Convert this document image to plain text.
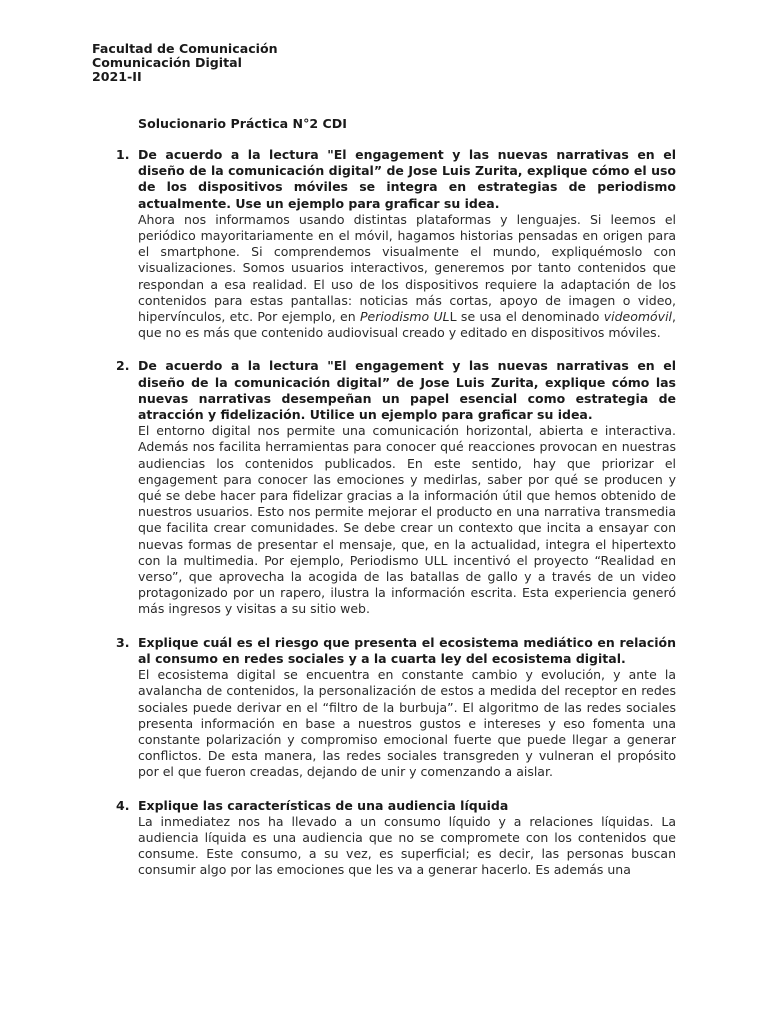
Facultad de Comunicación
Comunicación Digital
2021-II
Solucionario Práctica N°2 CDI
1. De acuerdo a la lectura "El engagement y las nuevas narrativas en el diseño de la comunicación digital” de Jose Luis Zurita, explique cómo el uso de los dispositivos móviles se integra en estrategias de periodismo actualmente. Use un ejemplo para graficar su idea.

Ahora nos informamos usando distintas plataformas y lenguajes. Si leemos el periódico mayoritariamente en el móvil, hagamos historias pensadas en origen para el smartphone. Si comprendemos visualmente el mundo, expliquémoslo con visualizaciones. Somos usuarios interactivos, generemos por tanto contenidos que respondan a esa realidad. El uso de los dispositivos requiere la adaptación de los contenidos para estas pantallas: noticias más cortas, apoyo de imagen o video, hipervínculos, etc. Por ejemplo, en Periodismo ULL se usa el denominado videomóvil, que no es más que contenido audiovisual creado y editado en dispositivos móviles.

2. De acuerdo a la lectura "El engagement y las nuevas narrativas en el diseño de la comunicación digital” de Jose Luis Zurita, explique cómo las nuevas narrativas desempeñan un papel esencial como estrategia de atracción y fidelización. Utilice un ejemplo para graficar su idea.

El entorno digital nos permite una comunicación horizontal, abierta e interactiva. Además nos facilita herramientas para conocer qué reacciones provocan en nuestras audiencias los contenidos publicados. En este sentido, hay que priorizar el engagement para conocer las emociones y medirlas, saber por qué se producen y qué se debe hacer para fidelizar gracias a la información útil que hemos obtenido de nuestros usuarios. Esto nos permite mejorar el producto en una narrativa transmedia que facilita crear comunidades. Se debe crear un contexto que incita a ensayar con nuevas formas de presentar el mensaje, que, en la actualidad, integra el hipertexto con la multimedia. Por ejemplo, Periodismo ULL incentivó el proyecto “Realidad en verso”, que aprovecha la acogida de las batallas de gallo y a través de un video protagonizado por un rapero, ilustra la información escrita. Esta experiencia generó más ingresos y visitas a su sitio web.

3. Explique cuál es el riesgo que presenta el ecosistema mediático en relación al consumo en redes sociales y a la cuarta ley del ecosistema digital.

El ecosistema digital se encuentra en constante cambio y evolución, y ante la avalancha de contenidos, la personalización de estos a medida del receptor en redes sociales puede derivar en el “filtro de la burbuja”. El algoritmo de las redes sociales presenta información en base a nuestros gustos e intereses y eso fomenta una constante polarización y compromiso emocional fuerte que puede llegar a generar conflictos. De esta manera, las redes sociales transgreden y vulneran el propósito por el que fueron creadas, dejando de unir y comenzando a aislar.

4. Explique las características de una audiencia líquida

La inmediatez nos ha llevado a un consumo líquido y a relaciones líquidas. La audiencia líquida es una audiencia que no se compromete con los contenidos que consume. Este consumo, a su vez, es superficial; es decir, las personas buscan consumir algo por las emociones que les va a generar hacerlo. Es además una
